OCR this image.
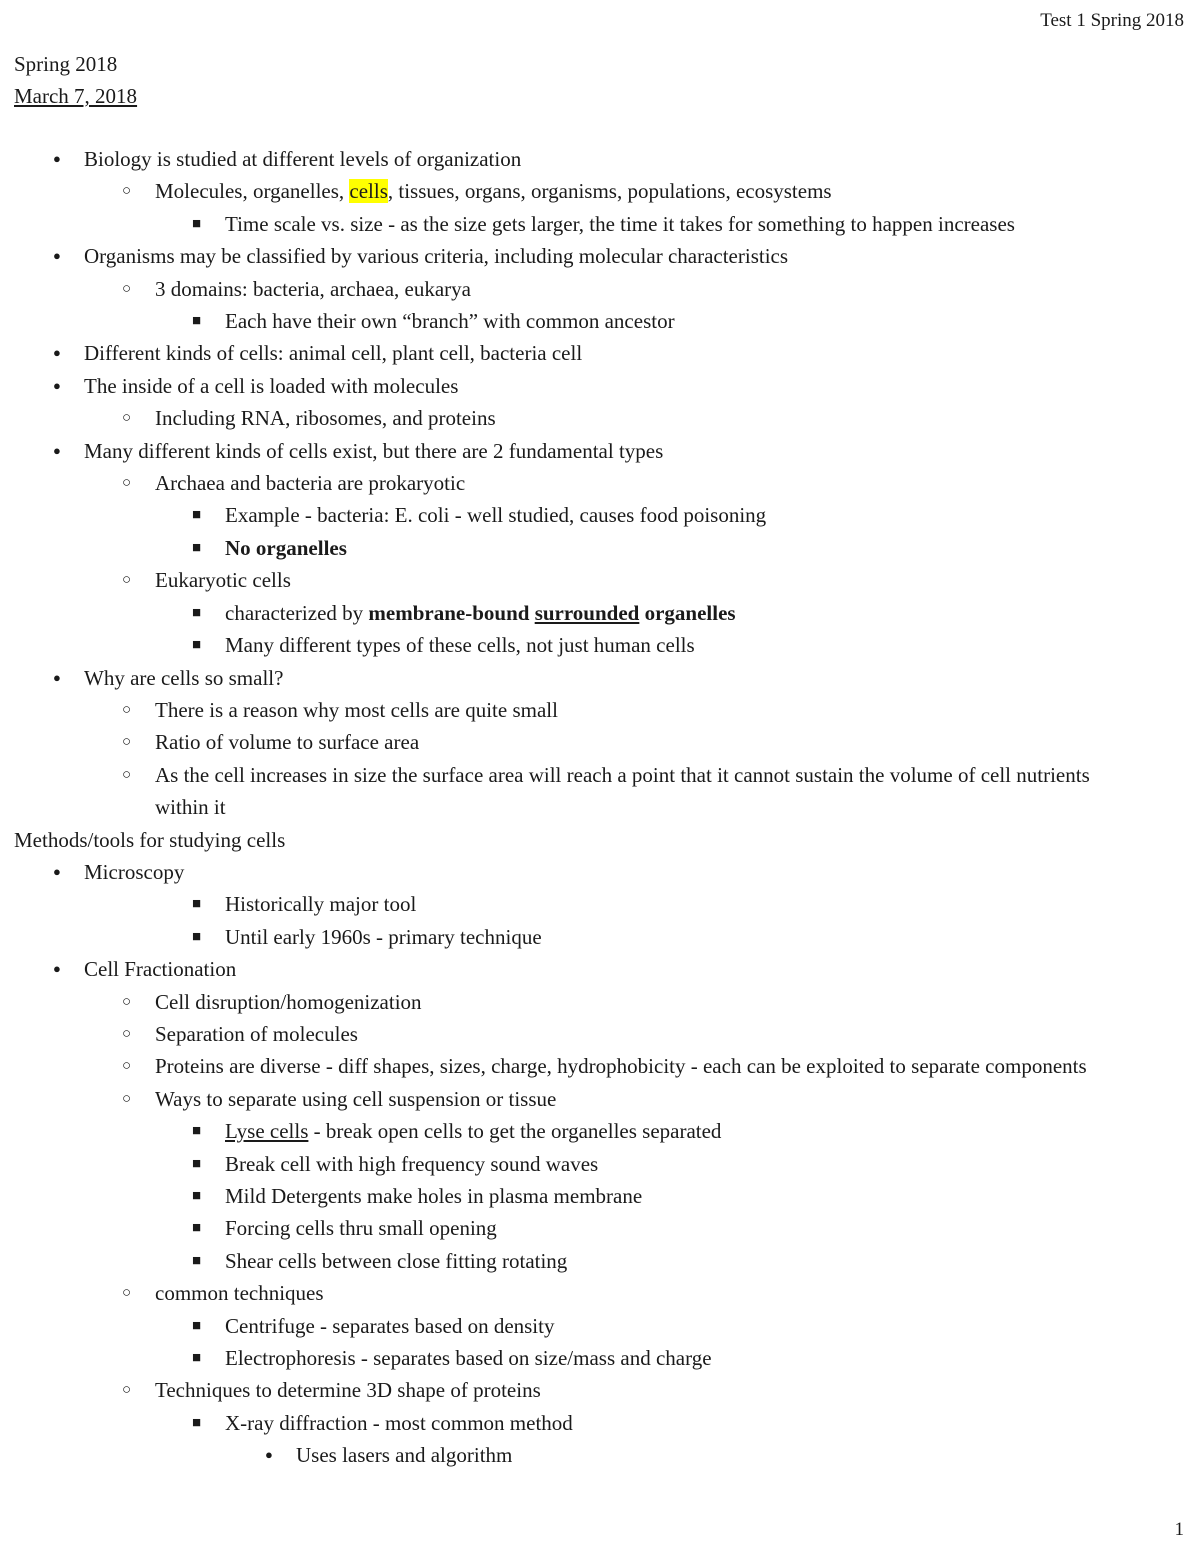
Test 1 Spring 2018
Spring 2018
March 7, 2018
● Biology is studied at different levels of organization
○ Molecules, organelles, cells, tissues, organs, organisms, populations, ecosystems
■ Time scale vs. size - as the size gets larger, the time it takes for something to happen increases
● Organisms may be classified by various criteria, including molecular characteristics
○ 3 domains: bacteria, archaea, eukarya
■ Each have their own “branch” with common ancestor
● Different kinds of cells: animal cell, plant cell, bacteria cell
● The inside of a cell is loaded with molecules
○ Including RNA, ribosomes, and proteins
● Many different kinds of cells exist, but there are 2 fundamental types
○ Archaea and bacteria are prokaryotic
■ Example - bacteria: E. coli - well studied, causes food poisoning
■ No organelles
○ Eukaryotic cells
■ characterized by membrane-bound surrounded organelles
■ Many different types of these cells, not just human cells
● Why are cells so small?
○ There is a reason why most cells are quite small
○ Ratio of volume to surface area
○ As the cell increases in size the surface area will reach a point that it cannot sustain the volume of cell nutrients within it
Methods/tools for studying cells
● Microscopy
■ Historically major tool
■ Until early 1960s - primary technique
● Cell Fractionation
○ Cell disruption/homogenization
○ Separation of molecules
○ Proteins are diverse - diff shapes, sizes, charge, hydrophobicity - each can be exploited to separate components
○ Ways to separate using cell suspension or tissue
■ Lyse cells - break open cells to get the organelles separated
■ Break cell with high frequency sound waves
■ Mild Detergents make holes in plasma membrane
■ Forcing cells thru small opening
■ Shear cells between close fitting rotating
○ common techniques
■ Centrifuge - separates based on density
■ Electrophoresis - separates based on size/mass and charge
○ Techniques to determine 3D shape of proteins
■ X-ray diffraction - most common method
● Uses lasers and algorithm
1
